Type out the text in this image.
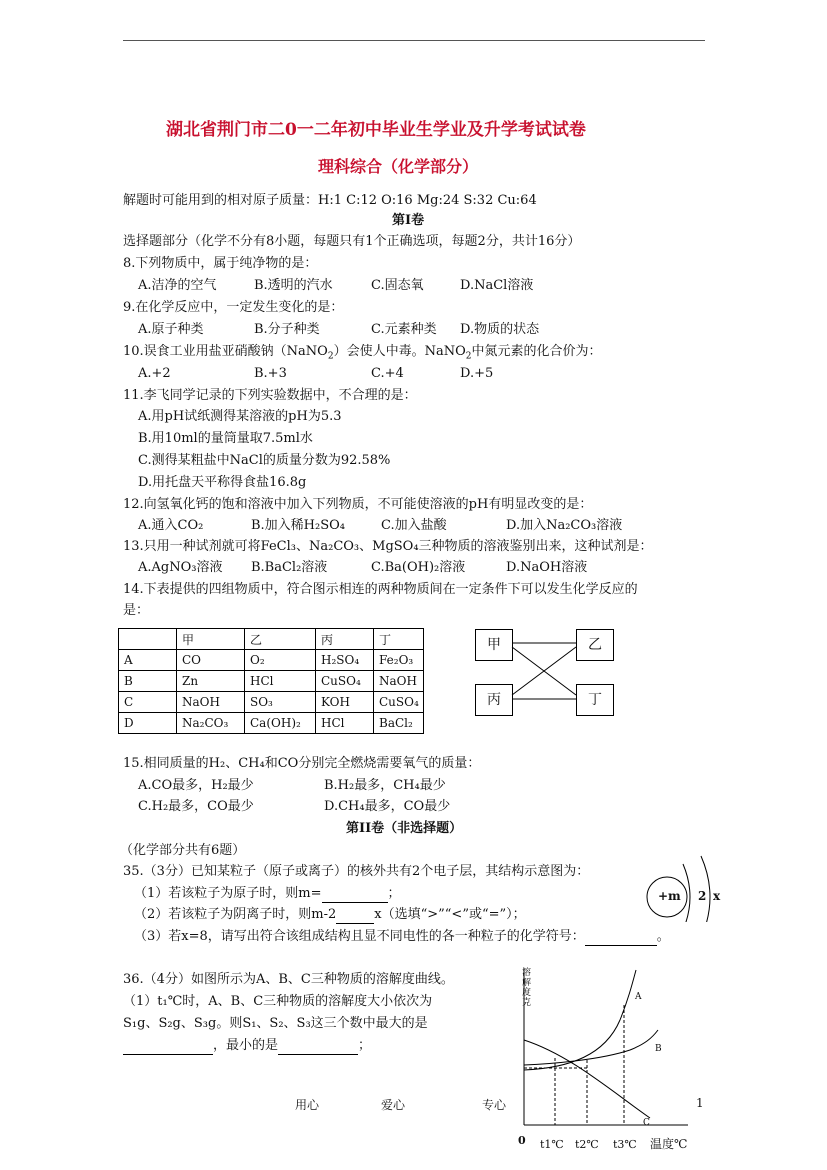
湖北省荆门市二0一二年初中毕业生学业及升学考试试卷
理科综合（化学部分）
解题时可能用到的相对原子质量：H:1 C:12 O:16 Mg:24 S:32 Cu:64
第Ⅰ卷
选择题部分（化学不分有8小题，每题只有1个正确选项，每题2分，共计16分）
8.下列物质中，属于纯净物的是：
A.洁净的空气	B.透明的汽水	C.固态氧	D.NaCl溶液
9.在化学反应中，一定发生变化的是：
A.原子种类	B.分子种类	C.元素种类 D.物质的状态
10.误食工业用盐亚硝酸钠（NaNO$_2$）会使人中毒。NaNO$_2$中氮元素的化合价为：
A.+2	B.+3	C.+4	D.+5
11.李飞同学记录的下列实验数据中，不合理的是：
A.用pH试纸测得某溶液的pH为5.3
B.用10ml的量筒量取7.5ml水
C.测得某粗盐中NaCl的质量分数为92.58%
D.用托盘天平称得食盐16.8g
12.向氢氧化钙的饱和溶液中加入下列物质，不可能使溶液的pH有明显改变的是：
A.通入CO₂	B.加入稀H₂SO₄	C.加入盐酸	D.加入Na₂CO₃溶液
13.只用一种试剂就可将FeCl₃、Na₂CO₃、MgSO₄三种物质的溶液鉴别出来，这种试剂是：
A.AgNO₃溶液 B.BaCl₂溶液	C.Ba(OH)₂溶液	D.NaOH溶液
14.下表提供的四组物质中，符合图示相连的两种物质间在一定条件下可以发生化学反应的
是：
	甲	乙	丙	丁
A	CO	O₂	H₂SO₄	Fe₂O₃
B	Zn	HCl	CuSO₄	NaOH
C	NaOH	SO₃	KOH	CuSO₄
D	Na₂CO₃	Ca(OH)₂	HCl	BaCl₂
甲	乙
丙	丁
15.相同质量的H₂、CH₄和CO分别完全燃烧需要氧气的质量：
A.CO最多，H₂最少	B.H₂最多，CH₄最少
C.H₂最多，CO最少	D.CH₄最多，CO最少
第II卷（非选择题）
（化学部分共有6题）
35.（3分）已知某粒子（原子或离子）的核外共有2个电子层，其结构示意图为：
（1）若该粒子为原子时，则m=	；
（2）若该粒子为阴离子时，则m-2	x（选填“>”“<”或“=”）；
（3）若x=8，请写出符合该组成结构且显不同电性的各一种粒子的化学符号：	。
+m 2 x
36.（4分）如图所示为A、B、C三种物质的溶解度曲线。
（1）t₁℃时，A、B、C三种物质的溶解度大小依次为
S₁g、S₂g、S₃g。则S₁、S₂、S₃这三个数中最大的是
，最小的是	；
溶解度克
0 t1℃ t2℃ t3℃ 温度℃
A
B
C
用心	爱心	专心	1
